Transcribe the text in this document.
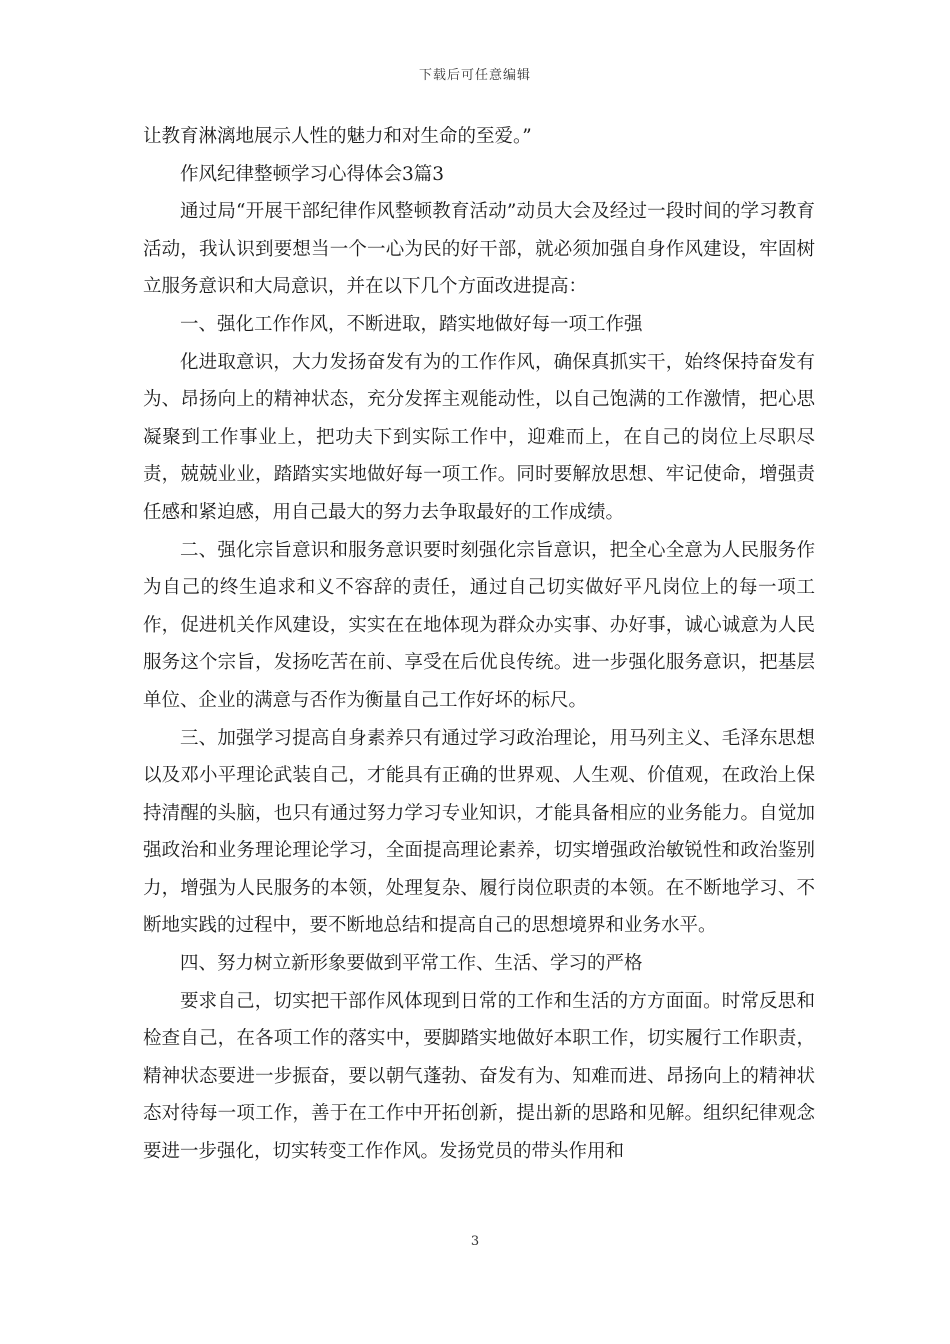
下载后可任意编辑

让教育淋漓地展示人性的魅力和对生命的至爱。”

作风纪律整顿学习心得体会3篇3

通过局“开展干部纪律作风整顿教育活动”动员大会及经过一段时间的学习教育活动，我认识到要想当一个一心为民的好干部，就必须加强自身作风建设，牢固树立服务意识和大局意识，并在以下几个方面改进提高：

一、强化工作作风，不断进取，踏实地做好每一项工作强

化进取意识，大力发扬奋发有为的工作作风，确保真抓实干，始终保持奋发有为、昂扬向上的精神状态，充分发挥主观能动性，以自己饱满的工作激情，把心思凝聚到工作事业上，把功夫下到实际工作中，迎难而上，在自己的岗位上尽职尽责，兢兢业业，踏踏实实地做好每一项工作。同时要解放思想、牢记使命，增强责任感和紧迫感，用自己最大的努力去争取最好的工作成绩。

二、强化宗旨意识和服务意识要时刻强化宗旨意识，把全心全意为人民服务作为自己的终生追求和义不容辞的责任，通过自己切实做好平凡岗位上的每一项工作，促进机关作风建设，实实在在地体现为群众办实事、办好事，诚心诚意为人民服务这个宗旨，发扬吃苦在前、享受在后优良传统。进一步强化服务意识，把基层单位、企业的满意与否作为衡量自己工作好坏的标尺。

三、加强学习提高自身素养只有通过学习政治理论，用马列主义、毛泽东思想以及邓小平理论武装自己，才能具有正确的世界观、人生观、价值观，在政治上保持清醒的头脑，也只有通过努力学习专业知识，才能具备相应的业务能力。自觉加强政治和业务理论理论学习，全面提高理论素养，切实增强政治敏锐性和政治鉴别力，增强为人民服务的本领，处理复杂、履行岗位职责的本领。在不断地学习、不断地实践的过程中，要不断地总结和提高自己的思想境界和业务水平。

四、努力树立新形象要做到平常工作、生活、学习的严格

要求自己，切实把干部作风体现到日常的工作和生活的方方面面。时常反思和检查自己，在各项工作的落实中，要脚踏实地做好本职工作，切实履行工作职责，精神状态要进一步振奋，要以朝气蓬勃、奋发有为、知难而进、昂扬向上的精神状态对待每一项工作，善于在工作中开拓创新，提出新的思路和见解。组织纪律观念要进一步强化，切实转变工作作风。发扬党员的带头作用和

3
